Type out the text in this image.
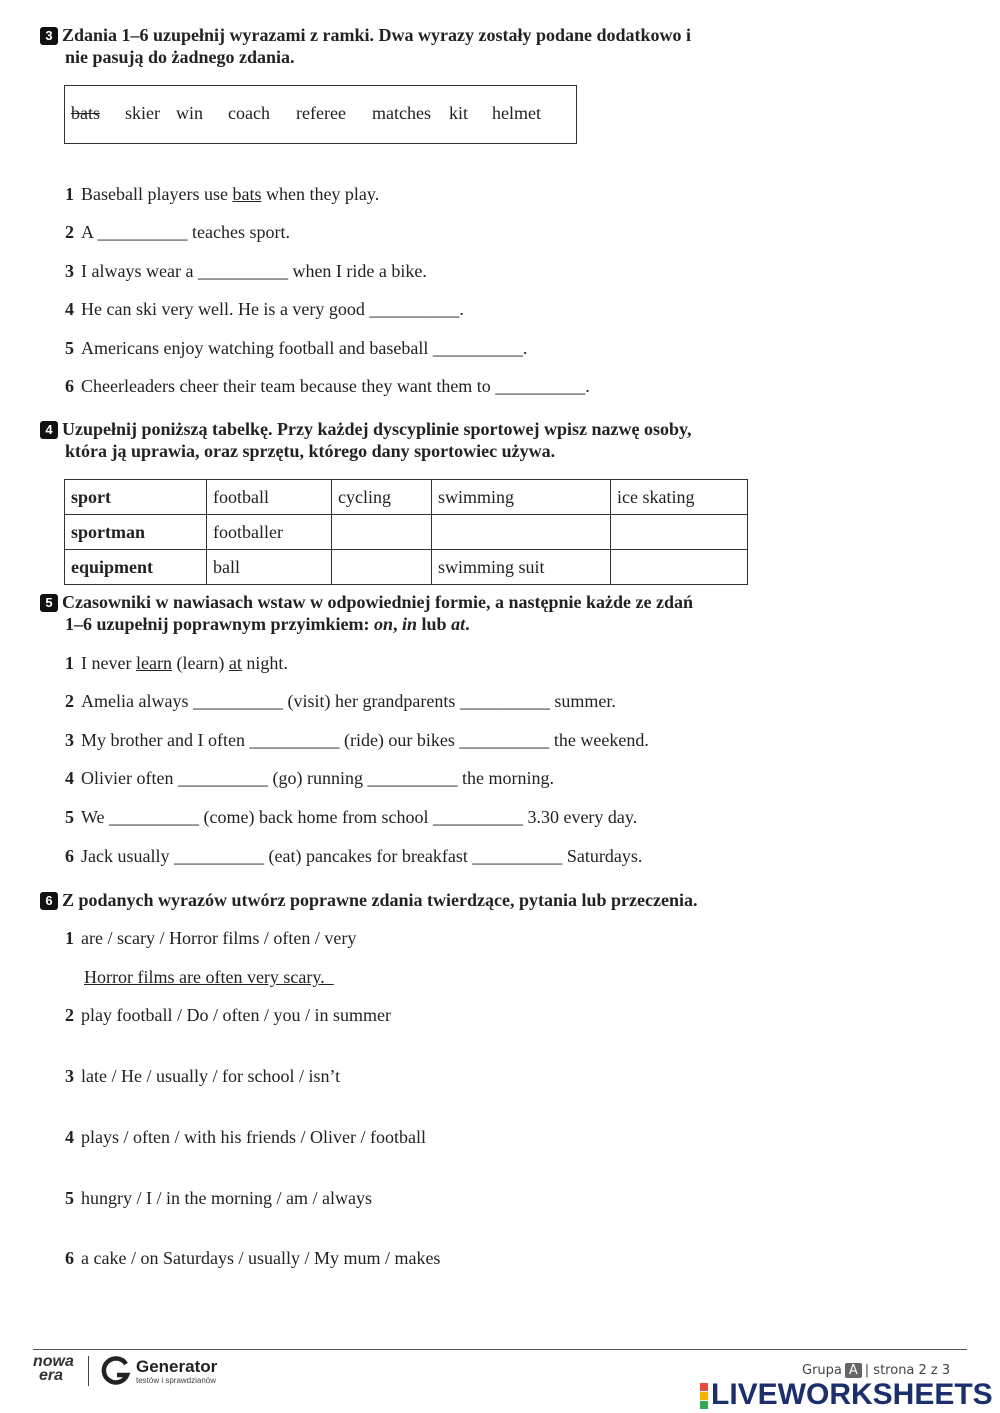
3 Zdania 1–6 uzupełnij wyrazami z ramki. Dwa wyrazy zostały podane dodatkowo i
nie pasują do żadnego zdania.
bats skier win coach referee matches kit helmet
1 Baseball players use bats when they play.
2 A __________ teaches sport.
3 I always wear a __________ when I ride a bike.
4 He can ski very well. He is a very good __________.
5 Americans enjoy watching football and baseball __________.
6 Cheerleaders cheer their team because they want them to __________.
4 Uzupełnij poniższą tabelkę. Przy każdej dyscyplinie sportowej wpisz nazwę osoby,
która ją uprawia, oraz sprzętu, którego dany sportowiec używa.
sport	football	cycling	swimming	ice skating
sportman	footballer			
equipment	ball		swimming suit	
5 Czasowniki w nawiasach wstaw w odpowiedniej formie, a następnie każde ze zdań
1–6 uzupełnij poprawnym przyimkiem: on, in lub at.
1 I never learn (learn) at night.
2 Amelia always __________ (visit) her grandparents __________ summer.
3 My brother and I often __________ (ride) our bikes __________ the weekend.
4 Olivier often __________ (go) running __________ the morning.
5 We __________ (come) back home from school __________ 3.30 every day.
6 Jack usually __________ (eat) pancakes for breakfast __________ Saturdays.
6 Z podanych wyrazów utwórz poprawne zdania twierdzące, pytania lub przeczenia.
1 are / scary / Horror films / often / very
Horror films are often very scary.
2 play football / Do / often / you / in summer
3 late / He / usually / for school / isn’t
4 plays / often / with his friends / Oliver / football
5 hungry / I / in the morning / am / always
6 a cake / on Saturdays / usually / My mum / makes
nowa
era	Generator
testów i sprawdzianów
Grupa A | strona 2 z 3
LIVEWORKSHEETS
